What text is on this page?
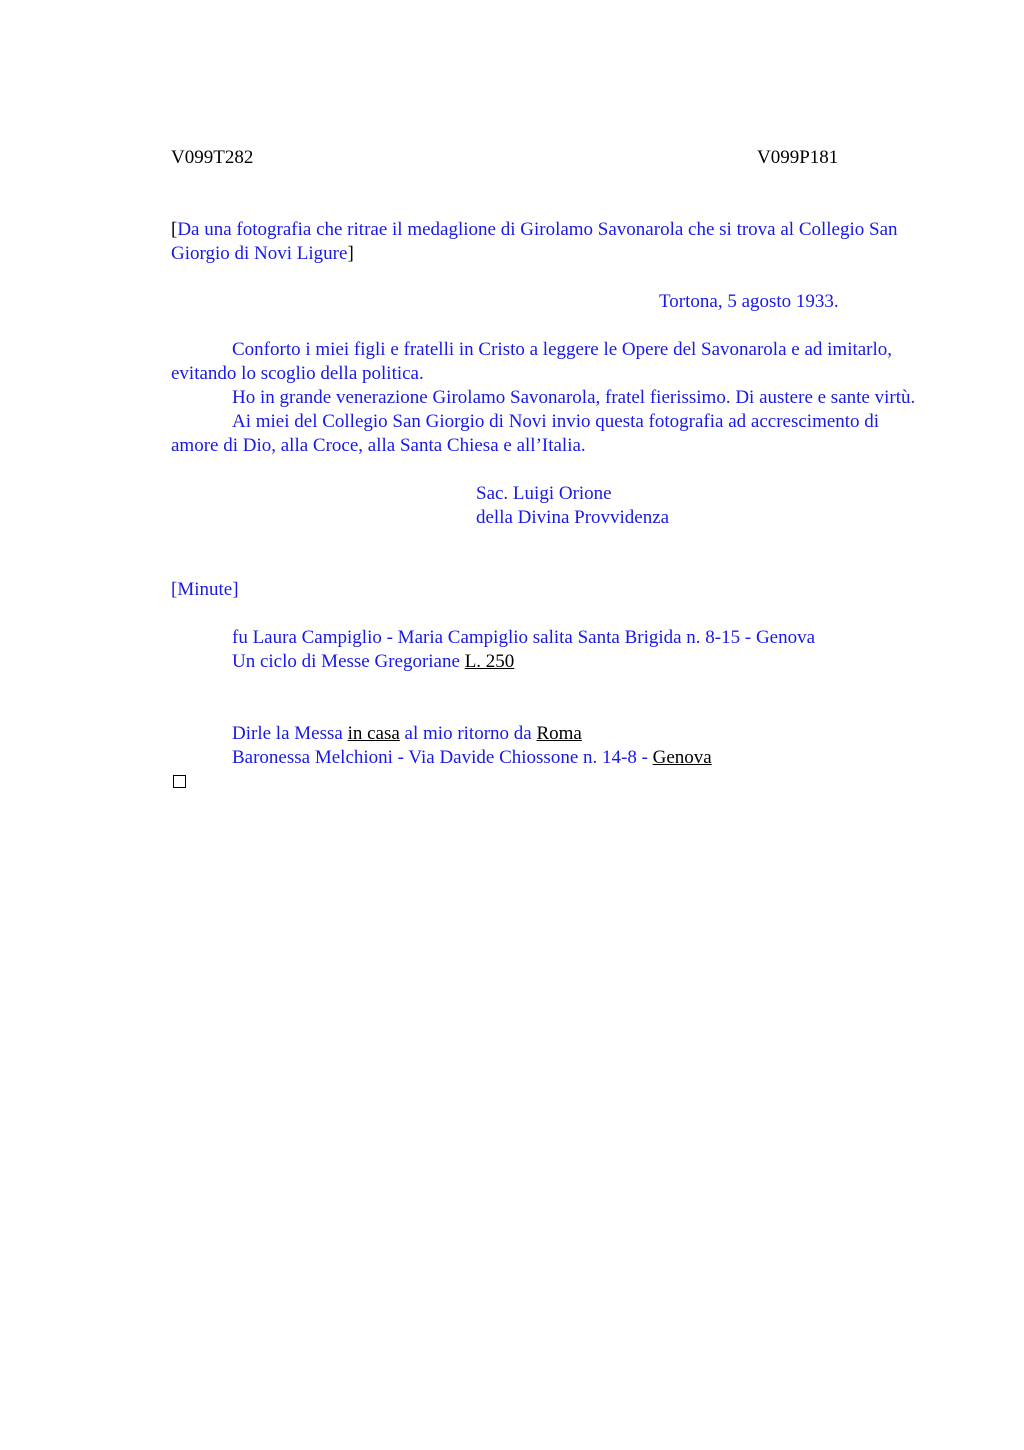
V099T282	V099P181
[Da una fotografia che ritrae il medaglione di Girolamo Savonarola che si trova al Collegio San Giorgio di Novi Ligure]
Tortona, 5 agosto 1933.

Conforto i miei figli e fratelli in Cristo a leggere le Opere del Savonarola e ad imitarlo, evitando lo scoglio della politica.

Ho in grande venerazione Girolamo Savonarola, fratel fierissimo. Di austere e sante virtù.

Ai miei del Collegio San Giorgio di Novi invio questa fotografia ad accrescimento di amore di Dio, alla Croce, alla Santa Chiesa e all’Italia.

Sac. Luigi Orione
della Divina Provvidenza
[Minute]
fu Laura Campiglio - Maria Campiglio salita Santa Brigida n. 8-15 - Genova
Un ciclo di Messe Gregoriane L. 250
Dirle la Messa in casa al mio ritorno da Roma
Baronessa Melchioni - Via Davide Chiossone n. 14-8 - Genova
